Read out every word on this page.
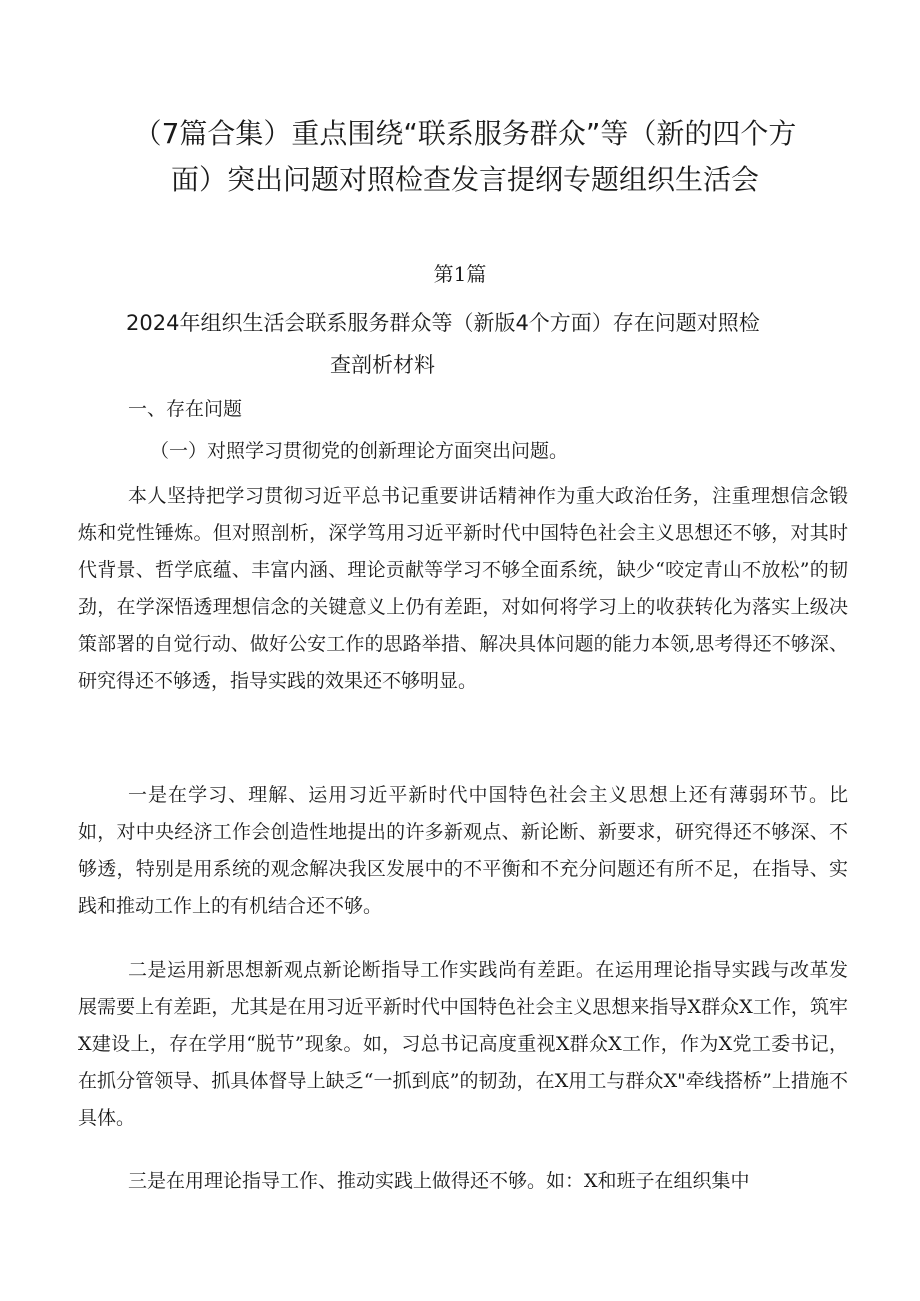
（7篇合集）重点围绕“联系服务群众”等（新的四个方
面）突出问题对照检查发言提纲专题组织生活会
第1篇
2024年组织生活会联系服务群众等（新版4个方面）存在问题对照检
查剖析材料

一、存在问题

（一）对照学习贯彻党的创新理论方面突出问题。

本人坚持把学习贯彻习近平总书记重要讲话精神作为重大政治任务，注重理想信念锻炼和党性锤炼。但对照剖析，深学笃用习近平新时代中国特色社会主义思想还不够，对其时代背景、哲学底蕴、丰富内涵、理论贡献等学习不够全面系统，缺少“咬定青山不放松”的韧劲，在学深悟透理想信念的关键意义上仍有差距，对如何将学习上的收获转化为落实上级决策部署的自觉行动、做好公安工作的思路举措、解决具体问题的能力本领,思考得还不够深、研究得还不够透，指导实践的效果还不够明显。

一是在学习、理解、运用习近平新时代中国特色社会主义思想上还有薄弱环节。比如，对中央经济工作会创造性地提出的许多新观点、新论断、新要求，研究得还不够深、不够透，特别是用系统的观念解决我区发展中的不平衡和不充分问题还有所不足，在指导、实践和推动工作上的有机结合还不够。

二是运用新思想新观点新论断指导工作实践尚有差距。在运用理论指导实践与改革发展需要上有差距，尤其是在用习近平新时代中国特色社会主义思想来指导X群众X工作，筑牢X建设上，存在学用“脱节”现象。如，习总书记高度重视X群众X工作，作为X党工委书记，在抓分管领导、抓具体督导上缺乏“一抓到底”的韧劲，在X用工与群众X"牵线搭桥”上措施不具体。

三是在用理论指导工作、推动实践上做得还不够。如：X和班子在组织集中
